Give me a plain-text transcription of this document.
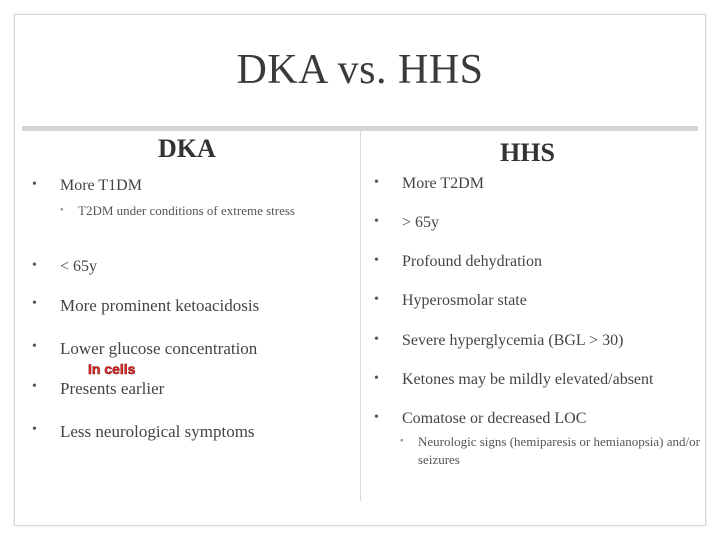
DKA vs. HHS
DKA
• More T1DM
• T2DM under conditions of extreme stress
• < 65y
• More prominent ketoacidosis
• Lower glucose concentration
In cells
• Presents earlier
• Less neurological symptoms
HHS
• More T2DM
• > 65y
• Profound dehydration
• Hyperosmolar state
• Severe hyperglycemia (BGL > 30)
• Ketones may be mildly elevated/absent
• Comatose or decreased LOC
• Neurologic signs (hemiparesis or hemianopsia) and/or seizures
